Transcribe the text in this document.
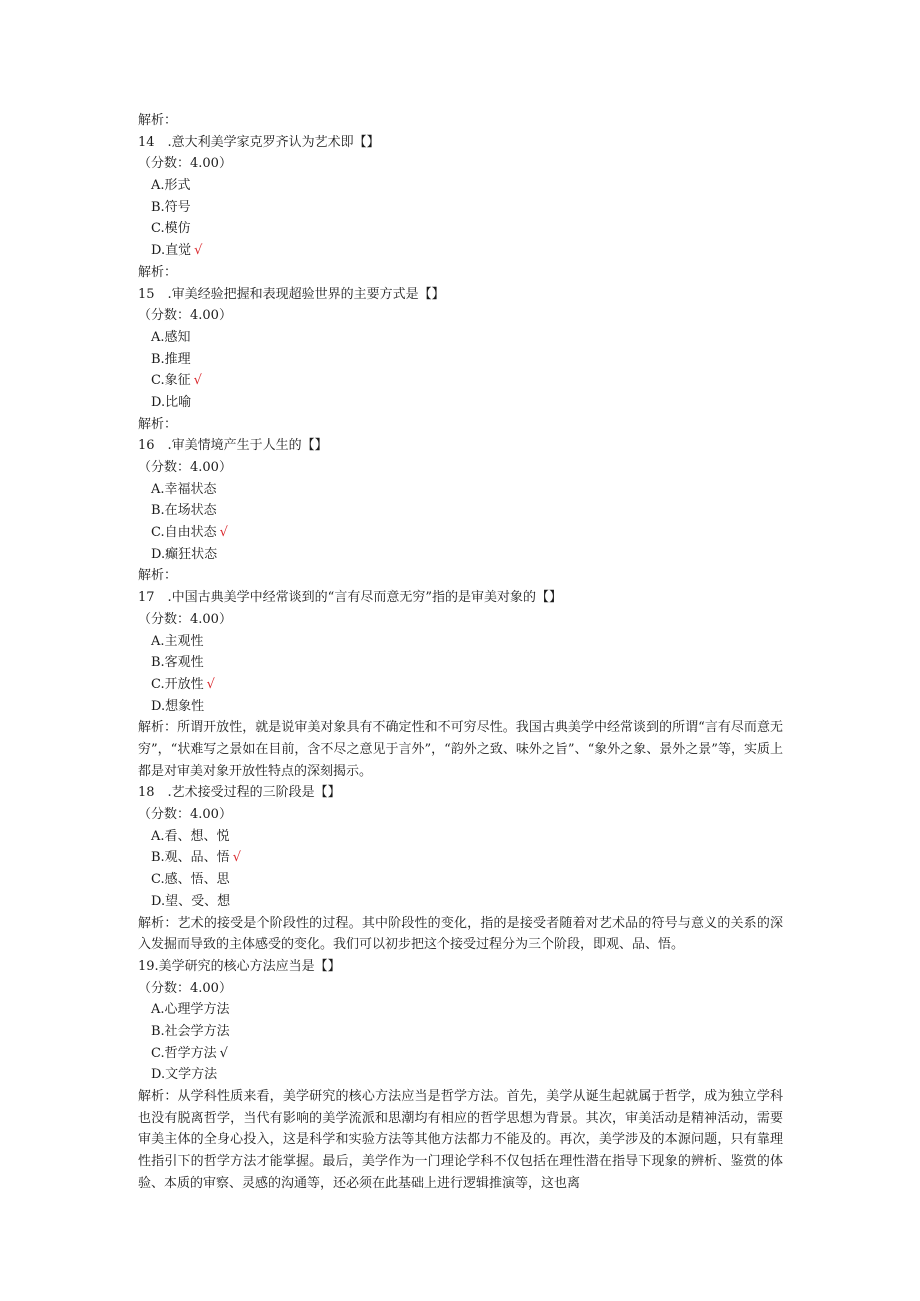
解析：
14　.意大利美学家克罗齐认为艺术即【】
（分数：4.00）
A.形式
B.符号
C.模仿
D.直觉 √
解析：
15　.审美经验把握和表现超验世界的主要方式是【】
（分数：4.00）
A.感知
B.推理
C.象征 √
D.比喻
解析：
16　.审美情境产生于人生的【】
（分数：4.00）
A.幸福状态
B.在场状态
C.自由状态 √
D.癫狂状态
解析：
17　.中国古典美学中经常谈到的“言有尽而意无穷”指的是审美对象的【】
（分数：4.00）
A.主观性
B.客观性
C.开放性 √
D.想象性
解析：所谓开放性，就是说审美对象具有不确定性和不可穷尽性。我国古典美学中经常谈到的所谓“言有尽而意无穷”，“状难写之景如在目前，含不尽之意见于言外”，“韵外之致、味外之旨”、“象外之象、景外之景”等，实质上都是对审美对象开放性特点的深刻揭示。
18　.艺术接受过程的三阶段是【】
（分数：4.00）
A.看、想、悦
B.观、品、悟 √
C.感、悟、思
D.望、受、想
解析：艺术的接受是个阶段性的过程。其中阶段性的变化，指的是接受者随着对艺术品的符号与意义的关系的深入发掘而导致的主体感受的变化。我们可以初步把这个接受过程分为三个阶段，即观、品、悟。
19.美学研究的核心方法应当是【】
（分数：4.00）
A.心理学方法
B.社会学方法
C.哲学方法 √
D.文学方法
解析：从学科性质来看，美学研究的核心方法应当是哲学方法。首先，美学从诞生起就属于哲学，成为独立学科也没有脱离哲学，当代有影响的美学流派和思潮均有相应的哲学思想为背景。其次，审美活动是精神活动，需要审美主体的全身心投入，这是科学和实验方法等其他方法都力不能及的。再次，美学涉及的本源问题，只有靠理性指引下的哲学方法才能掌握。最后，美学作为一门理论学科不仅包括在理性潜在指导下现象的辨析、鉴赏的体验、本质的审察、灵感的沟通等，还必须在此基础上进行逻辑推演等，这也离
